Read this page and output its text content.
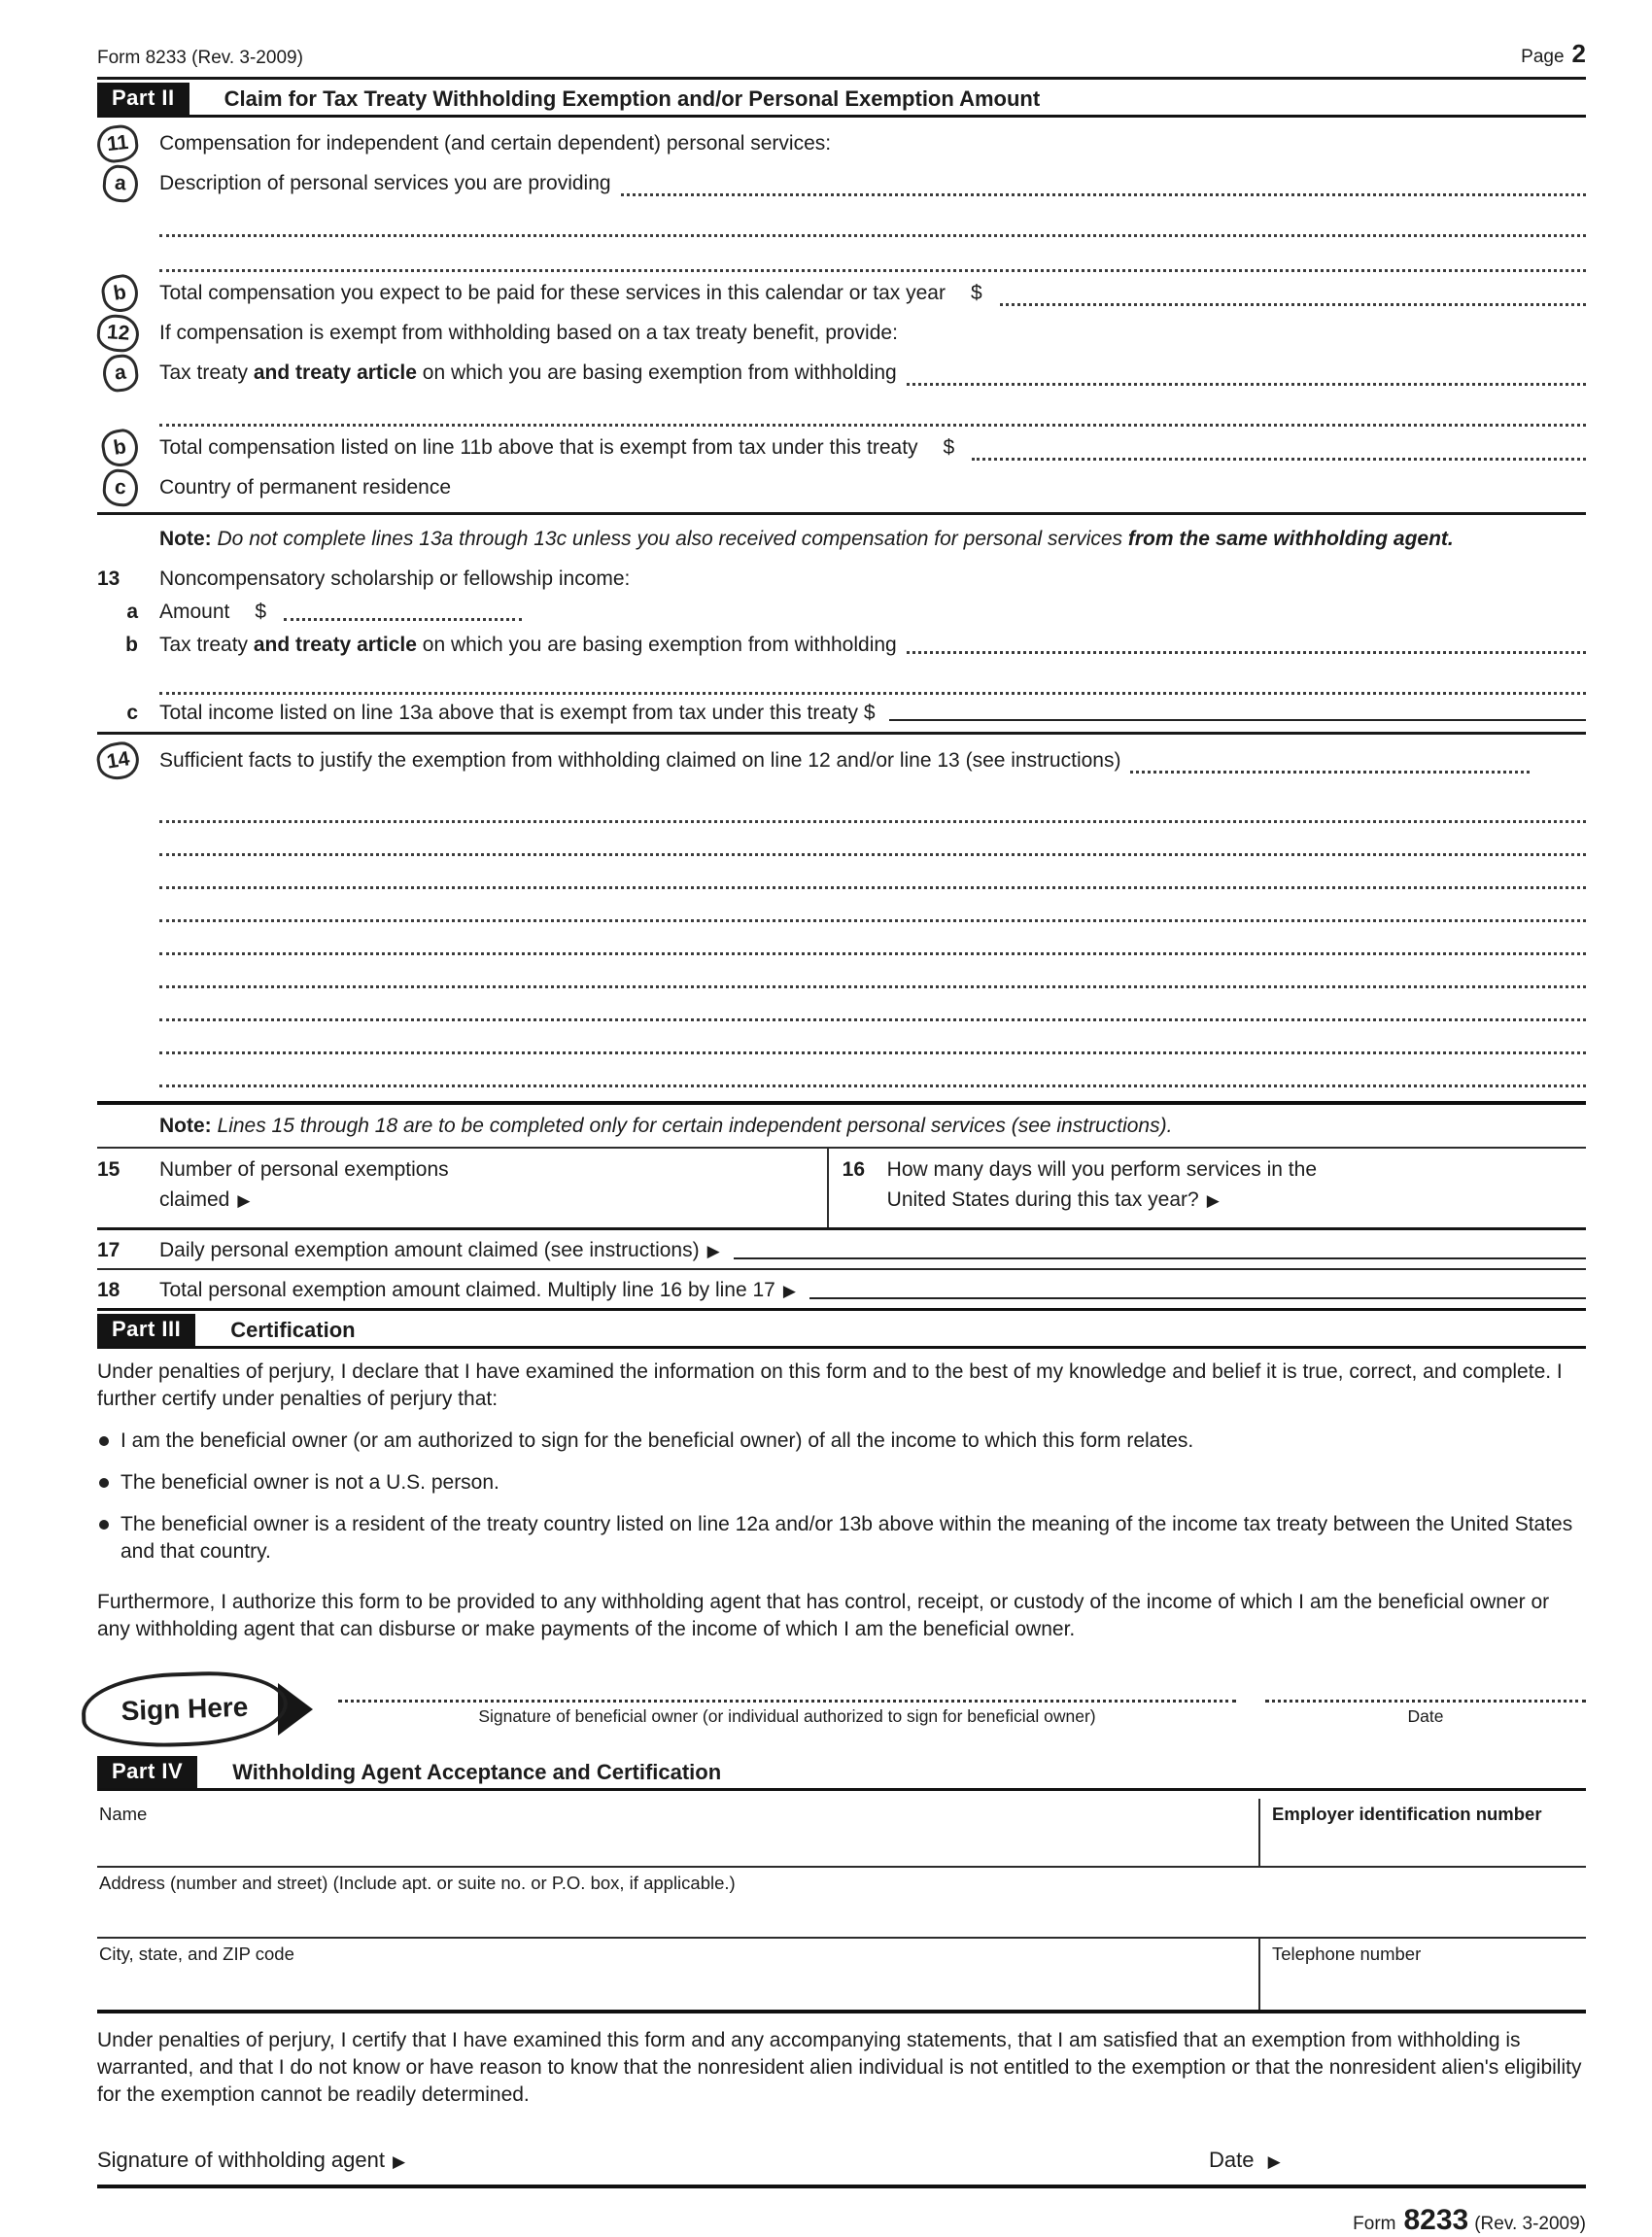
Form 8233 (Rev. 3-2009)	Page 2
Part II	Claim for Tax Treaty Withholding Exemption and/or Personal Exemption Amount
11	Compensation for independent (and certain dependent) personal services:
a	Description of personal services you are providing
b	Total compensation you expect to be paid for these services in this calendar or tax year $
12	If compensation is exempt from withholding based on a tax treaty benefit, provide:
a	Tax treaty and treaty article on which you are basing exemption from withholding
b	Total compensation listed on line 11b above that is exempt from tax under this treaty $
c	Country of permanent residence
Note: Do not complete lines 13a through 13c unless you also received compensation for personal services from the same withholding agent.
13	Noncompensatory scholarship or fellowship income:
a	Amount $
b	Tax treaty and treaty article on which you are basing exemption from withholding
c	Total income listed on line 13a above that is exempt from tax under this treaty $
14	Sufficient facts to justify the exemption from withholding claimed on line 12 and/or line 13 (see instructions)
Note: Lines 15 through 18 are to be completed only for certain independent personal services (see instructions).
15	Number of personal exemptions claimed ▶
16	How many days will you perform services in the United States during this tax year? ▶
17	Daily personal exemption amount claimed (see instructions) ▶
18	Total personal exemption amount claimed. Multiply line 16 by line 17 ▶
Part III	Certification
Under penalties of perjury, I declare that I have examined the information on this form and to the best of my knowledge and belief it is true, correct, and complete. I further certify under penalties of perjury that:
I am the beneficial owner (or am authorized to sign for the beneficial owner) of all the income to which this form relates.
The beneficial owner is not a U.S. person.
The beneficial owner is a resident of the treaty country listed on line 12a and/or 13b above within the meaning of the income tax treaty between the United States and that country.
Furthermore, I authorize this form to be provided to any withholding agent that has control, receipt, or custody of the income of which I am the beneficial owner or any withholding agent that can disburse or make payments of the income of which I am the beneficial owner.
Sign Here	Signature of beneficial owner (or individual authorized to sign for beneficial owner)	Date
Part IV	Withholding Agent Acceptance and Certification
Name	Employer identification number
Address (number and street) (Include apt. or suite no. or P.O. box, if applicable.)
City, state, and ZIP code	Telephone number
Under penalties of perjury, I certify that I have examined this form and any accompanying statements, that I am satisfied that an exemption from withholding is warranted, and that I do not know or have reason to know that the nonresident alien individual is not entitled to the exemption or that the nonresident alien's eligibility for the exemption cannot be readily determined.
Signature of withholding agent ▶	Date ▶
Form 8233 (Rev. 3-2009)
